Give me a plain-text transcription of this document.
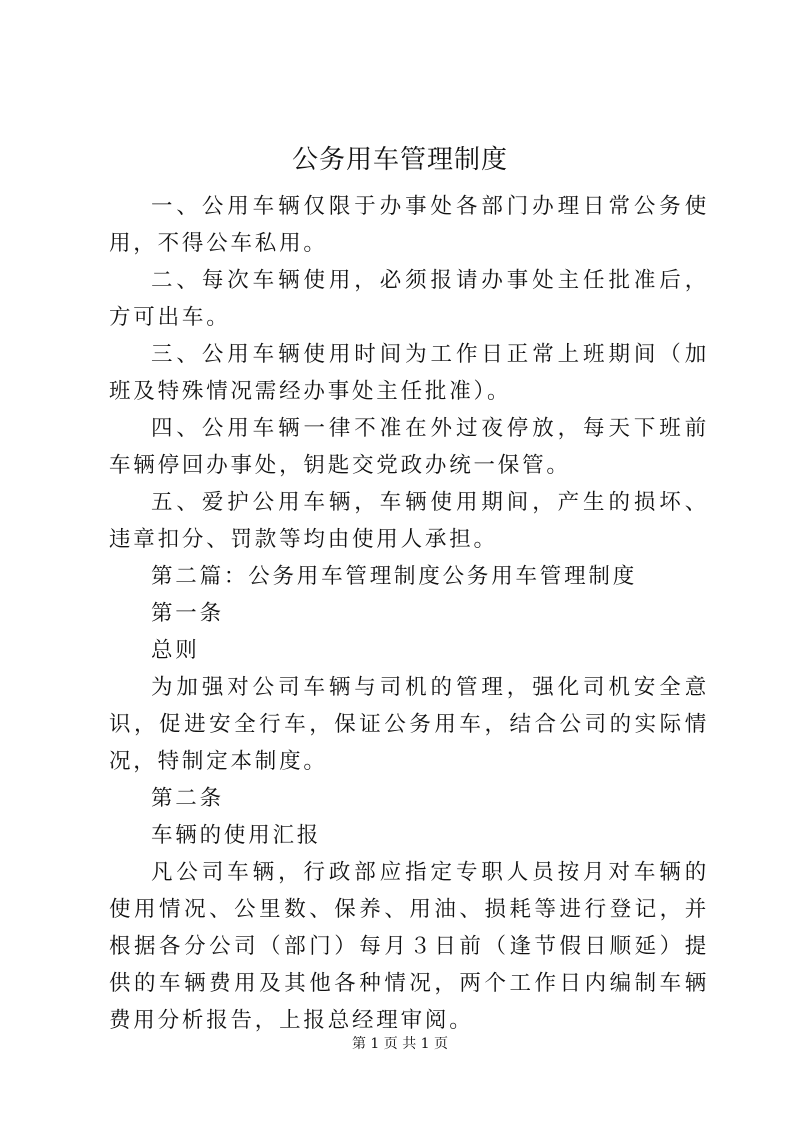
公务用车管理制度

一、公用车辆仅限于办事处各部门办理日常公务使用，不得公车私用。

二、每次车辆使用，必须报请办事处主任批准后，方可出车。

三、公用车辆使用时间为工作日正常上班期间（加班及特殊情况需经办事处主任批准）。

四、公用车辆一律不准在外过夜停放，每天下班前车辆停回办事处，钥匙交党政办统一保管。

五、爱护公用车辆，车辆使用期间，产生的损坏、违章扣分、罚款等均由使用人承担。

第二篇：公务用车管理制度公务用车管理制度

第一条

总则

为加强对公司车辆与司机的管理，强化司机安全意识，促进安全行车，保证公务用车，结合公司的实际情况，特制定本制度。

第二条

车辆的使用汇报

凡公司车辆，行政部应指定专职人员按月对车辆的使用情况、公里数、保养、用油、损耗等进行登记，并根据各分公司（部门）每月３日前（逢节假日顺延）提供的车辆费用及其他各种情况，两个工作日内编制车辆费用分析报告，上报总经理审阅。

第 1 页 共 1 页
